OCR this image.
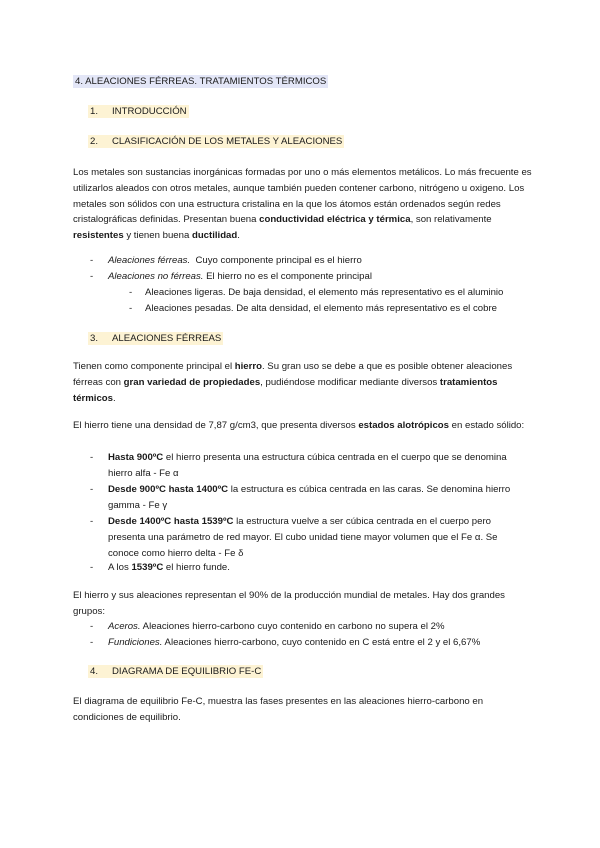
4. ALEACIONES FÉRREAS. TRATAMIENTOS TÉRMICOS
1. INTRODUCCIÓN
2. CLASIFICACIÓN DE LOS METALES Y ALEACIONES
Los metales son sustancias inorgánicas formadas por uno o más elementos metálicos. Lo más frecuente es utilizarlos aleados con otros metales, aunque también pueden contener carbono, nitrógeno u oxigeno. Los metales son sólidos con una estructura cristalina en la que los átomos están ordenados según redes cristalográficas definidas. Presentan buena conductividad eléctrica y térmica, son relativamente resistentes y tienen buena ductilidad.
- Aleaciones férreas.  Cuyo componente principal es el hierro
- Aleaciones no férreas. El hierro no es el componente principal
- Aleaciones ligeras. De baja densidad, el elemento más representativo es el aluminio
- Aleaciones pesadas. De alta densidad, el elemento más representativo es el cobre
3. ALEACIONES FÉRREAS
Tienen como componente principal el hierro. Su gran uso se debe a que es posible obtener aleaciones férreas con gran variedad de propiedades, pudiéndose modificar mediante diversos tratamientos térmicos.
El hierro tiene una densidad de 7,87 g/cm3, que presenta diversos estados alotrópicos en estado sólido:
- Hasta 900ºC el hierro presenta una estructura cúbica centrada en el cuerpo que se denomina hierro alfa - Fe α
- Desde 900ºC hasta 1400ºC la estructura es cúbica centrada en las caras. Se denomina hierro gamma - Fe γ
- Desde 1400ºC hasta 1539ºC la estructura vuelve a ser cúbica centrada en el cuerpo pero presenta una parámetro de red mayor. El cubo unidad tiene mayor volumen que el Fe α. Se conoce como hierro delta - Fe δ
- A los 1539ºC el hierro funde.
El hierro y sus aleaciones representan el 90% de la producción mundial de metales. Hay dos grandes grupos:
- Aceros. Aleaciones hierro-carbono cuyo contenido en carbono no supera el 2%
- Fundiciones. Aleaciones hierro-carbono, cuyo contenido en C está entre el 2 y el 6,67%
4. DIAGRAMA DE EQUILIBRIO FE-C
El diagrama de equilibrio Fe-C, muestra las fases presentes en las aleaciones hierro-carbono en condiciones de equilibrio.
